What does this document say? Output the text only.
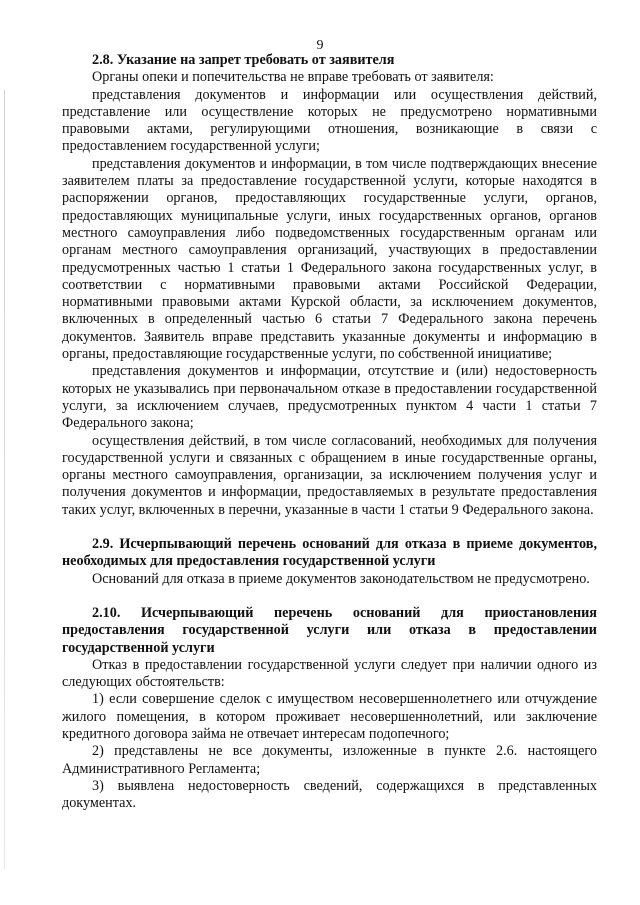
9
2.8. Указание на запрет требовать от заявителя

Органы опеки и попечительства не вправе требовать от заявителя:

представления документов и информации или осуществления действий, представление или осуществление которых не предусмотрено нормативными правовыми актами, регулирующими отношения, возникающие в связи с предоставлением государственной услуги;

представления документов и информации, в том числе подтверждающих внесение заявителем платы за предоставление государственной услуги, которые находятся в распоряжении органов, предоставляющих государственные услуги, органов, предоставляющих муниципальные услуги, иных государственных органов, органов местного самоуправления либо подведомственных государственным органам или органам местного самоуправления организаций, участвующих в предоставлении предусмотренных частью 1 статьи 1 Федерального закона государственных услуг, в соответствии с нормативными правовыми актами Российской Федерации, нормативными правовыми актами Курской области, за исключением документов, включенных в определенный частью 6 статьи 7 Федерального закона перечень документов. Заявитель вправе представить указанные документы и информацию в органы, предоставляющие государственные услуги, по собственной инициативе;

представления документов и информации, отсутствие и (или) недостоверность которых не указывались при первоначальном отказе в предоставлении государственной услуги, за исключением случаев, предусмотренных пунктом 4 части 1 статьи 7 Федерального закона;

осуществления действий, в том числе согласований, необходимых для получения государственной услуги и связанных с обращением в иные государственные органы, органы местного самоуправления, организации, за исключением получения услуг и получения документов и информации, предоставляемых в результате предоставления таких услуг, включенных в перечни, указанные в части 1 статьи 9 Федерального закона.

2.9. Исчерпывающий перечень оснований для отказа в приеме документов, необходимых для предоставления государственной услуги

Оснований для отказа в приеме документов законодательством не предусмотрено.

2.10. Исчерпывающий перечень оснований для приостановления предоставления государственной услуги или отказа в предоставлении государственной услуги

Отказ в предоставлении государственной услуги следует при наличии одного из следующих обстоятельств:

1) если совершение сделок с имуществом несовершеннолетнего или отчуждение жилого помещения, в котором проживает несовершеннолетний, или заключение кредитного договора займа не отвечает интересам подопечного;

2) представлены не все документы, изложенные в пункте 2.6. настоящего Административного Регламента;

3) выявлена недостоверность сведений, содержащихся в представленных документах.
